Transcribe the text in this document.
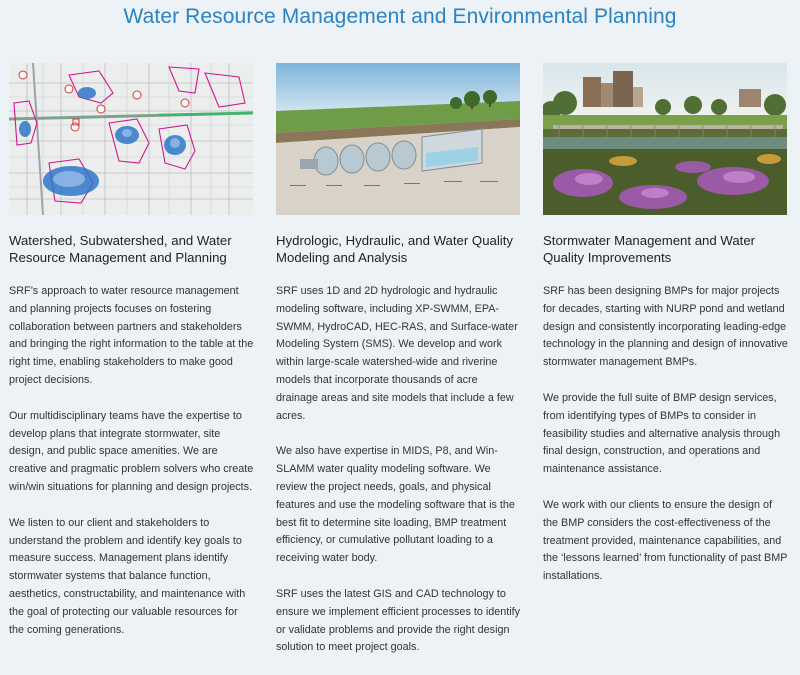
Water Resource Management and Environmental Planning
Watershed, Subwatershed, and Water Resource Management and Planning

SRF’s approach to water resource management and planning projects focuses on fostering collaboration between partners and stakeholders and bringing the right information to the table at the right time, enabling stakeholders to make good project decisions.

Our multidisciplinary teams have the expertise to develop plans that integrate stormwater, site design, and public space amenities. We are creative and pragmatic problem solvers who create win/win situations for planning and design projects.

We listen to our client and stakeholders to understand the problem and identify key goals to measure success. Management plans identify stormwater systems that balance function, aesthetics, constructability, and maintenance with the goal of protecting our valuable resources for the coming generations.

Hydrologic, Hydraulic, and Water Quality Modeling and Analysis

SRF uses 1D and 2D hydrologic and hydraulic modeling software, including XP-SWMM, EPA-SWMM, HydroCAD, HEC-RAS, and Surface-water Modeling System (SMS). We develop and work within large-scale watershed-wide and riverine models that incorporate thousands of acre drainage areas and site models that include a few acres.

We also have expertise in MIDS, P8, and Win-SLAMM water quality modeling software. We review the project needs, goals, and physical features and use the modeling software that is the best fit to determine site loading, BMP treatment efficiency, or cumulative pollutant loading to a receiving water body.

SRF uses the latest GIS and CAD technology to ensure we implement efficient processes to identify or validate problems and provide the right design solution to meet project goals.

Stormwater Management and Water Quality Improvements

SRF has been designing BMPs for major projects for decades, starting with NURP pond and wetland design and consistently incorporating leading-edge technology in the planning and design of innovative stormwater management BMPs.

We provide the full suite of BMP design services, from identifying types of BMPs to consider in feasibility studies and alternative analysis through final design, construction, and operations and maintenance assistance.

We work with our clients to ensure the design of the BMP considers the cost-effectiveness of the treatment provided, maintenance capabilities, and the ‘lessons learned’ from functionality of past BMP installations.
